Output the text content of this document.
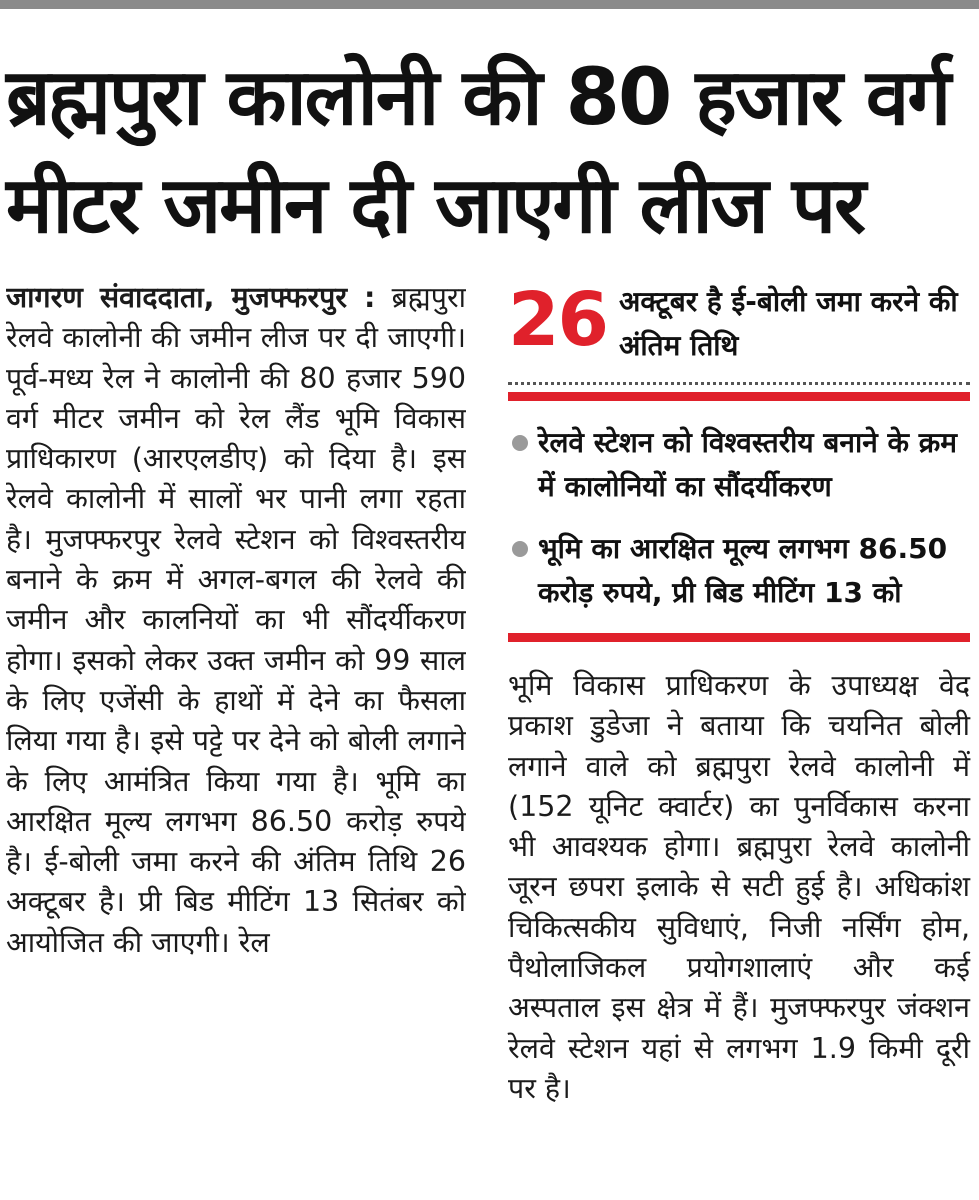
ब्रह्मपुरा कालोनी की 80 हजार वर्ग
मीटर जमीन दी जाएगी लीज पर
जागरण संवाददाता, मुजफ्फरपुर : ब्रह्मपुरा रेलवे कालोनी की जमीन लीज पर दी जाएगी। पूर्व-मध्य रेल ने कालोनी की 80 हजार 590 वर्ग मीटर जमीन को रेल लैंड भूमि विकास प्राधिकारण (आरएलडीए) को दिया है। इस रेलवे कालोनी में सालों भर पानी लगा रहता है। मुजफ्फरपुर रेलवे स्टेशन को विश्वस्तरीय बनाने के क्रम में अगल-बगल की रेलवे की जमीन और कालनियों का भी सौंदर्यीकरण होगा। इसको लेकर उक्त जमीन को 99 साल के लिए एजेंसी के हाथों में देने का फैसला लिया गया है। इसे पट्टे पर देने को बोली लगाने के लिए आमंत्रित किया गया है। भूमि का आरक्षित मूल्य लगभग 86.50 करोड़ रुपये है। ई-बोली जमा करने की अंतिम तिथि 26 अक्टूबर है। प्री बिड मीटिंग 13 सितंबर को आयोजित की जाएगी। रेल
26 अक्टूबर है ई-बोली जमा करने की अंतिम तिथि
रेलवे स्टेशन को विश्वस्तरीय बनाने के क्रम में कालोनियों का सौंदर्यीकरण
भूमि का आरक्षित मूल्य लगभग 86.50 करोड़ रुपये, प्री बिड मीटिंग 13 को
भूमि विकास प्राधिकरण के उपाध्यक्ष वेद प्रकाश डुडेजा ने बताया कि चयनित बोली लगाने वाले को ब्रह्मपुरा रेलवे कालोनी में (152 यूनिट क्वार्टर) का पुनर्विकास करना भी आवश्यक होगा। ब्रह्मपुरा रेलवे कालोनी जूरन छपरा इलाके से सटी हुई है। अधिकांश चिकित्सकीय सुविधाएं, निजी नर्सिंग होम, पैथोलाजिकल प्रयोगशालाएं और कई अस्पताल इस क्षेत्र में हैं। मुजफ्फरपुर जंक्शन रेलवे स्टेशन यहां से लगभग 1.9 किमी दूरी पर है।
